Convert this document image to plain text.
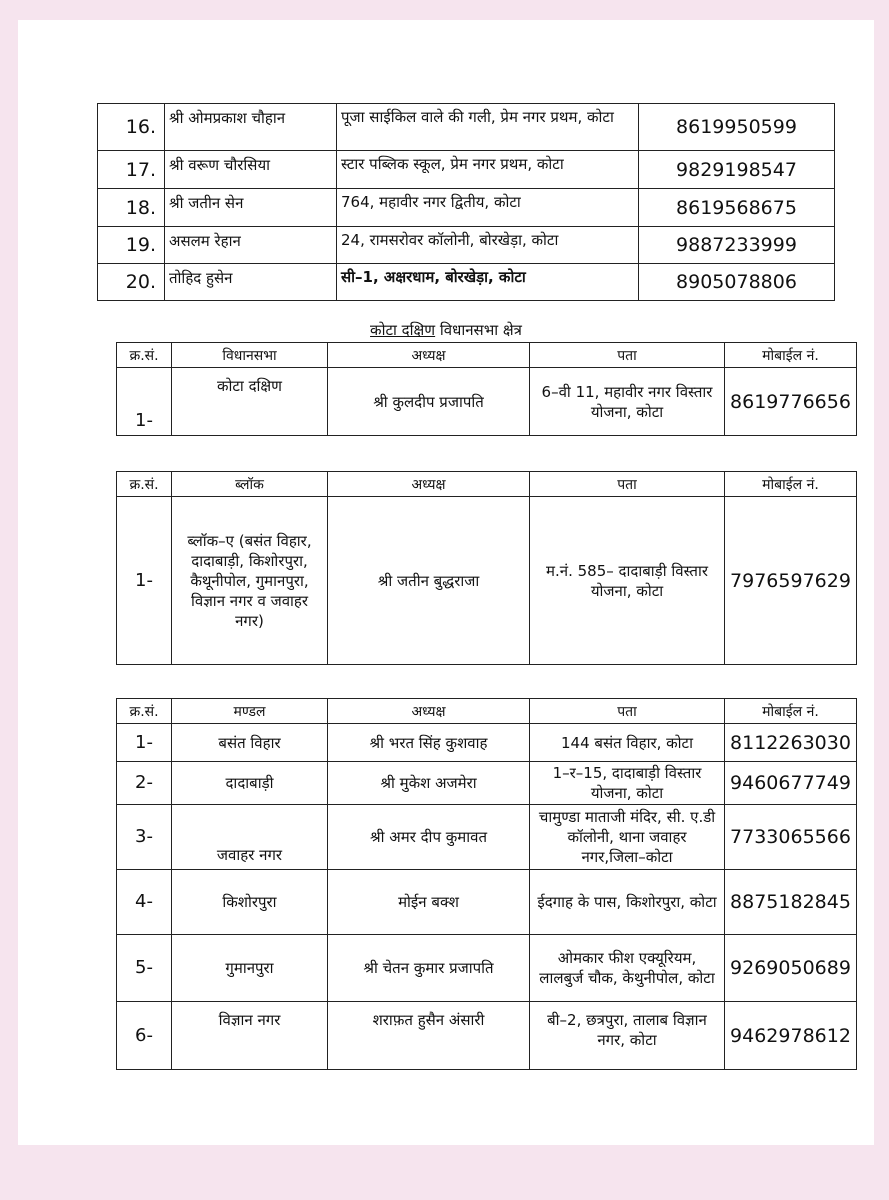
16.	श्री ओमप्रकाश चौहान	पूजा साईकिल वाले की गली, प्रेम नगर प्रथम, कोटा	8619950599
17.	श्री वरूण चौरसिया	स्टार पब्लिक स्कूल, प्रेम नगर प्रथम, कोटा	9829198547
18.	श्री जतीन सेन	764, महावीर नगर द्वितीय, कोटा	8619568675
19.	असलम रेहान	24, रामसरोवर कॉलोनी, बोरखेड़ा, कोटा	9887233999
20.	तोहिद हुसेन	सी–1, अक्षरधाम, बोरखेड़ा, कोटा	8905078806
कोटा दक्षिण विधानसभा क्षेत्र
क्र.सं.	विधानसभा	अध्यक्ष	पता	मोबाईल नं.
1-	कोटा दक्षिण	श्री कुलदीप प्रजापति	6–वी 11, महावीर नगर विस्तार योजना, कोटा	8619776656
क्र.सं.	ब्लॉक	अध्यक्ष	पता	मोबाईल नं.
1-	ब्लॉक–ए (बसंत विहार, दादाबाड़ी, किशोरपुरा, कैथूनीपोल, गुमानपुरा, विज्ञान नगर व जवाहर नगर)	श्री जतीन बुद्धराजा	म.नं. 585– दादाबाड़ी विस्तार योजना, कोटा	7976597629
क्र.सं.	मण्डल	अध्यक्ष	पता	मोबाईल नं.
1-	बसंत विहार	श्री भरत सिंह कुशवाह	144 बसंत विहार, कोटा	8112263030
2-	दादाबाड़ी	श्री मुकेश अजमेरा	1–र–15, दादाबाड़ी विस्तार योजना, कोटा	9460677749
3-	जवाहर नगर	श्री अमर दीप कुमावत	चामुण्डा माताजी मंदिर, सी. ए.डी कॉलोनी, थाना जवाहर नगर,जिला–कोटा	7733065566
4-	किशोरपुरा	मोईन बक्श	ईदगाह के पास, किशोरपुरा, कोटा	8875182845
5-	गुमानपुरा	श्री चेतन कुमार प्रजापति	ओमकार फीश एक्यूरियम, लालबुर्ज चौक, केथुनीपोल, कोटा	9269050689
6-	विज्ञान नगर	शराफ़त हुसैन अंसारी	बी–2, छत्रपुरा, तालाब विज्ञान नगर, कोटा	9462978612
